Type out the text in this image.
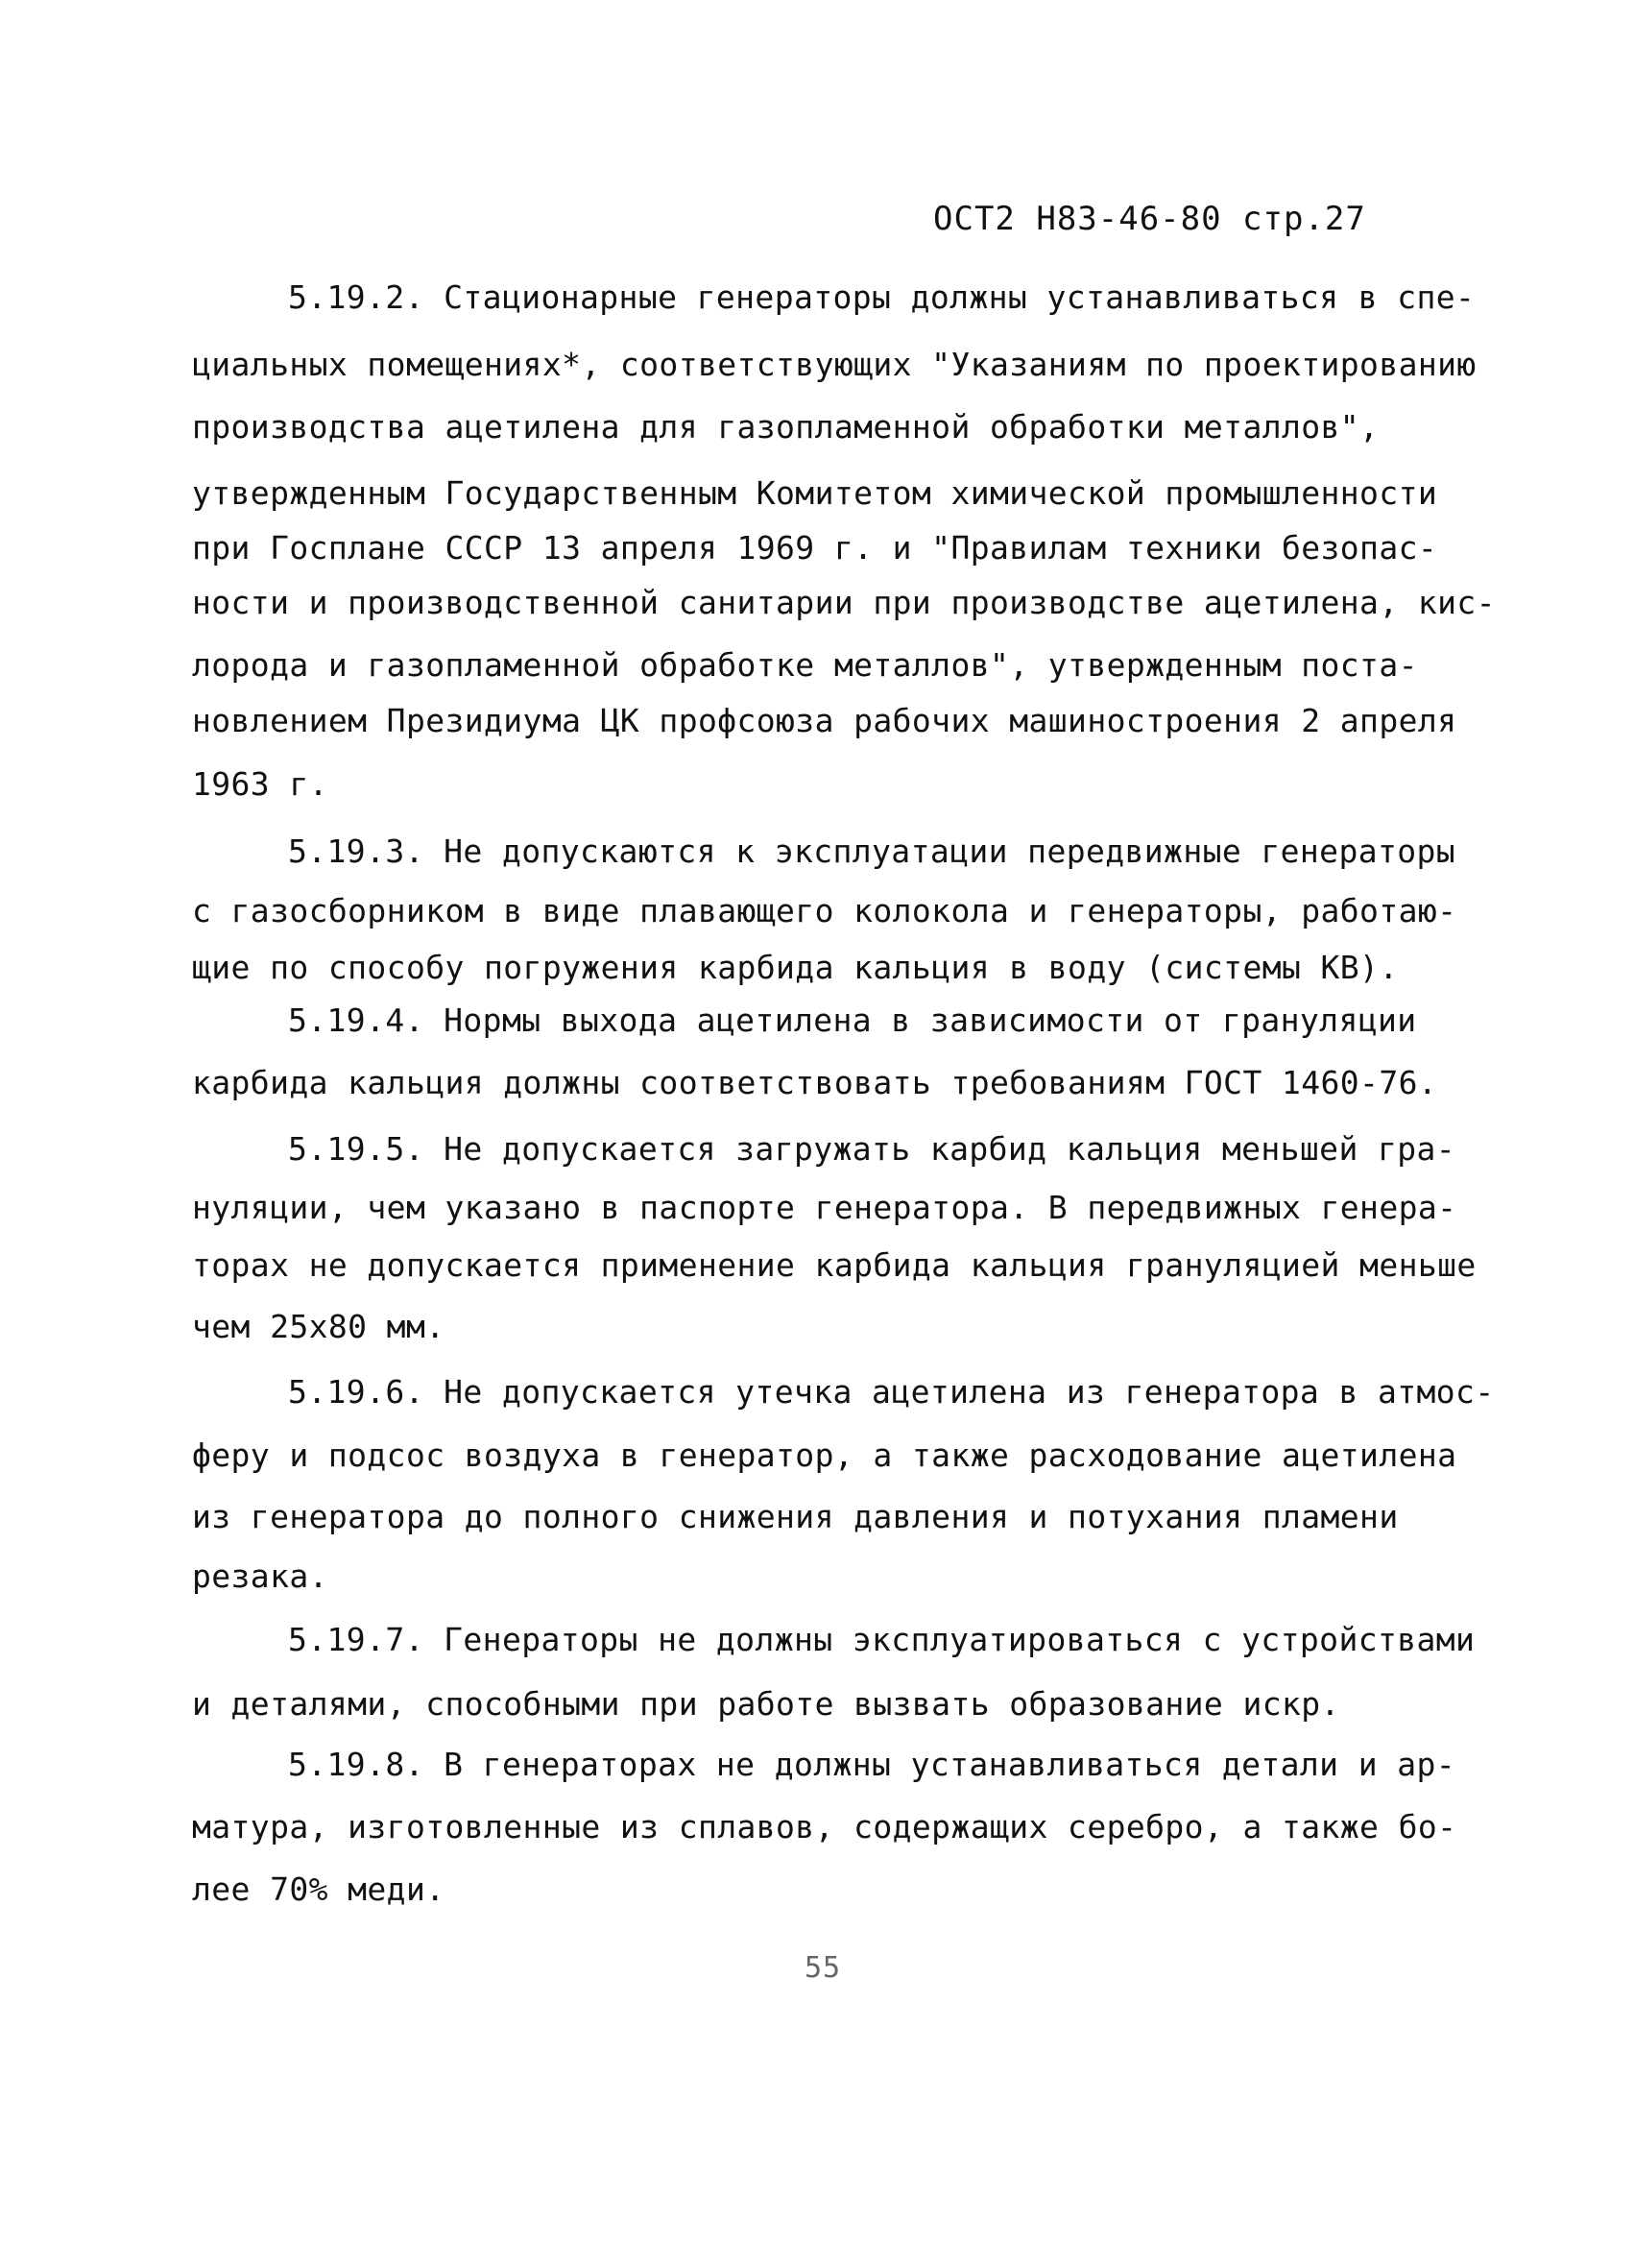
ОСТ2 Н83-46-80 стр.27
5.19.2. Стационарные генераторы должны устанавливаться в спе-
циальных помещениях*, соответствующих "Указаниям по проектированию
производства ацетилена для газопламенной обработки металлов",
утвержденным Государственным Комитетом химической промышленности
при Госплане СССР 13 апреля 1969 г. и "Правилам техники безопас-
ности и производственной санитарии при производстве ацетилена, кис-
лорода и газопламенной обработке металлов", утвержденным поста-
новлением Президиума ЦК профсоюза рабочих машиностроения 2 апреля
1963 г.
5.19.3. Не допускаются к эксплуатации передвижные генераторы
с газосборником в виде плавающего колокола и генераторы, работаю-
щие по способу погружения карбида кальция в воду (системы КВ).
5.19.4. Нормы выхода ацетилена в зависимости от грануляции
карбида кальция должны соответствовать требованиям ГОСТ 1460-76.
5.19.5. Не допускается загружать карбид кальция меньшей гра-
нуляции, чем указано в паспорте генератора. В передвижных генера-
торах не допускается применение карбида кальция грануляцией меньше
чем 25х80 мм.
5.19.6. Не допускается утечка ацетилена из генератора в атмос-
феру и подсос воздуха в генератор, а также расходование ацетилена
из генератора до полного снижения давления и потухания пламени
резака.
5.19.7. Генераторы не должны эксплуатироваться с устройствами
и деталями, способными при работе вызвать образование искр.
5.19.8. В генераторах не должны устанавливаться детали и ар-
матура, изготовленные из сплавов, содержащих серебро, а также бо-
лее 70% меди.
55
